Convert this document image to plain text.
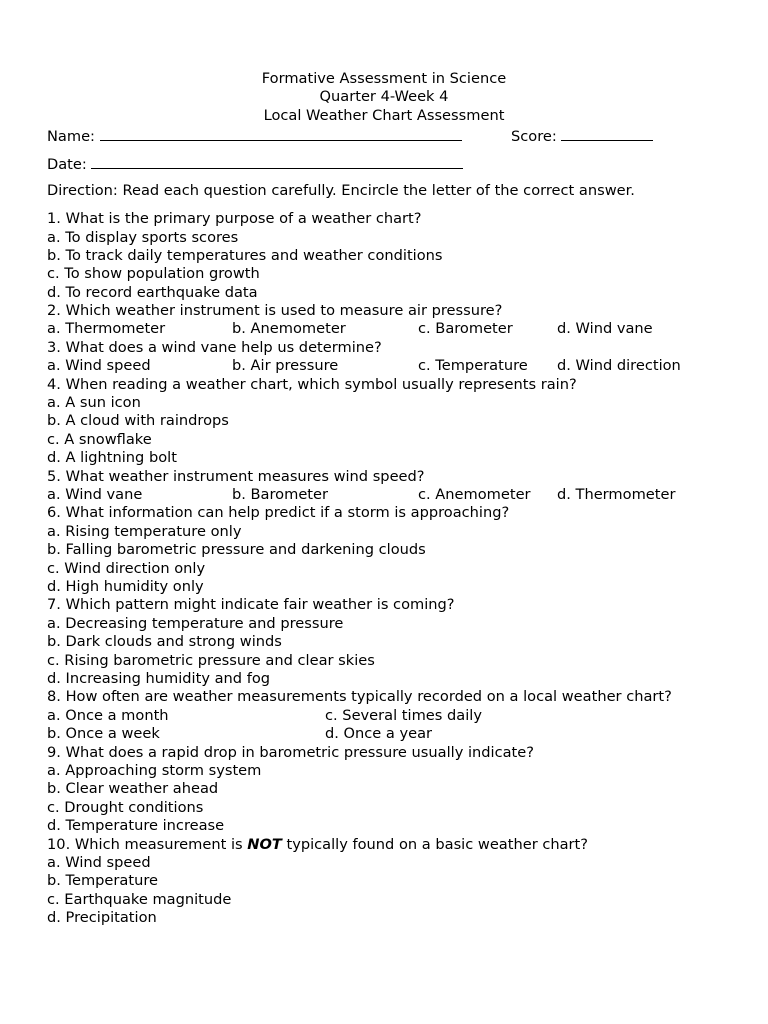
Formative Assessment in Science
Quarter 4-Week 4
Local Weather Chart Assessment
Name:	Score:
Date:
Direction: Read each question carefully. Encircle the letter of the correct answer.
1. What is the primary purpose of a weather chart?
a. To display sports scores
b. To track daily temperatures and weather conditions
c. To show population growth
d. To record earthquake data
2. Which weather instrument is used to measure air pressure?
a. Thermometer	b. Anemometer	c. Barometer	d. Wind vane
3. What does a wind vane help us determine?
a. Wind speed	b. Air pressure	c. Temperature d. Wind direction
4. When reading a weather chart, which symbol usually represents rain?
a. A sun icon
b. A cloud with raindrops
c. A snowflake
d. A lightning bolt
5. What weather instrument measures wind speed?
a. Wind vane	b. Barometer	c. Anemometer d. Thermometer
6. What information can help predict if a storm is approaching?
a. Rising temperature only
b. Falling barometric pressure and darkening clouds
c. Wind direction only
d. High humidity only
7. Which pattern might indicate fair weather is coming?
a. Decreasing temperature and pressure
b. Dark clouds and strong winds
c. Rising barometric pressure and clear skies
d. Increasing humidity and fog
8. How often are weather measurements typically recorded on a local weather chart?
a. Once a month	c. Several times daily
b. Once a week	d. Once a year
9. What does a rapid drop in barometric pressure usually indicate?
a. Approaching storm system
b. Clear weather ahead
c. Drought conditions
d. Temperature increase
10. Which measurement is NOT typically found on a basic weather chart?
a. Wind speed
b. Temperature
c. Earthquake magnitude
d. Precipitation
